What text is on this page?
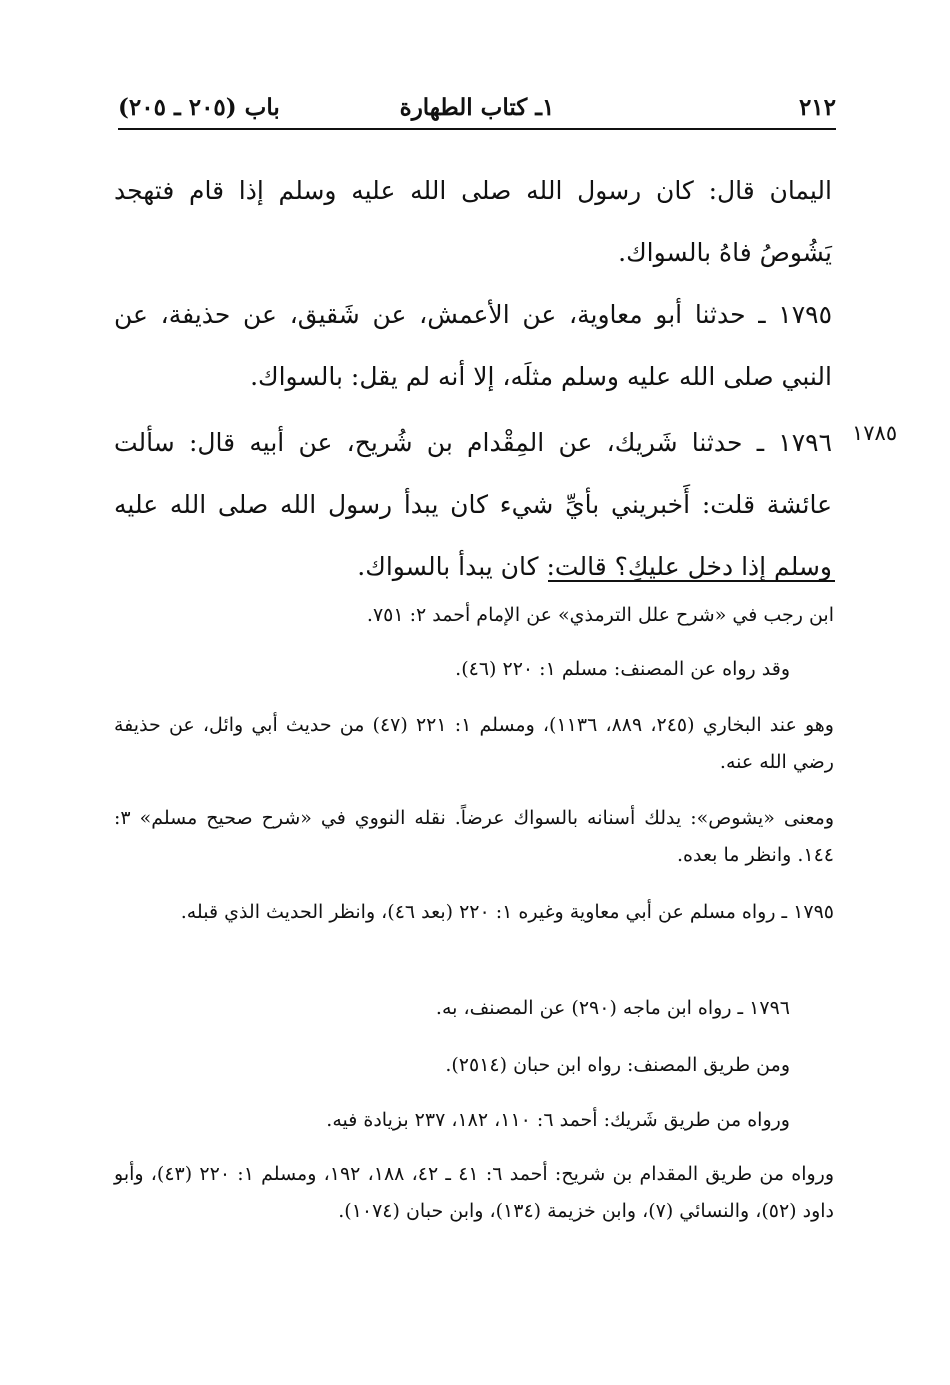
٢١٢
١ـ كتاب الطهارة
باب (٢٠٥ ـ ٢٠٥)

اليمان قال: كان رسول الله صلى الله عليه وسلم إذا قام فتهجد يَشُوصُ فاهُ بالسواك.

١٧٩٥ ـ حدثنا أبو معاوية، عن الأعمش، عن شَقيق، عن حذيفة، عن النبي صلى الله عليه وسلم مثلَه، إلا أنه لم يقل: بالسواك.

١٧٩٦ ـ حدثنا شَريك، عن المِقْدام بن شُريح، عن أبيه قال: سألت عائشة قلت: أَخبريني بأيِّ شيء كان يبدأ رسول الله صلى الله عليه وسلم إذا دخل عليكِ؟ قالت: كان يبدأ بالسواك.

١٧٨٥

ابن رجب في «شرح علل الترمذي» عن الإمام أحمد ٢: ٧٥١.

وقد رواه عن المصنف: مسلم ١: ٢٢٠ (٤٦).

وهو عند البخاري (٢٤٥، ٨٨٩، ١١٣٦)، ومسلم ١: ٢٢١ (٤٧) من حديث أبي وائل، عن حذيفة رضي الله عنه.

ومعنى «يشوص»: يدلك أسنانه بالسواك عرضاً. نقله النووي في «شرح صحيح مسلم» ٣: ١٤٤. وانظر ما بعده.

١٧٩٥ ـ رواه مسلم عن أبي معاوية وغيره ١: ٢٢٠ (بعد ٤٦)، وانظر الحديث الذي قبله.

١٧٩٦ ـ رواه ابن ماجه (٢٩٠) عن المصنف، به.

ومن طريق المصنف: رواه ابن حبان (٢٥١٤).

ورواه من طريق شَريك: أحمد ٦: ١١٠، ١٨٢، ٢٣٧ بزيادة فيه.

ورواه من طريق المقدام بن شريح: أحمد ٦: ٤١ ـ ٤٢، ١٨٨، ١٩٢، ومسلم ١: ٢٢٠ (٤٣)، وأبو داود (٥٢)، والنسائي (٧)، وابن خزيمة (١٣٤)، وابن حبان (١٠٧٤).
